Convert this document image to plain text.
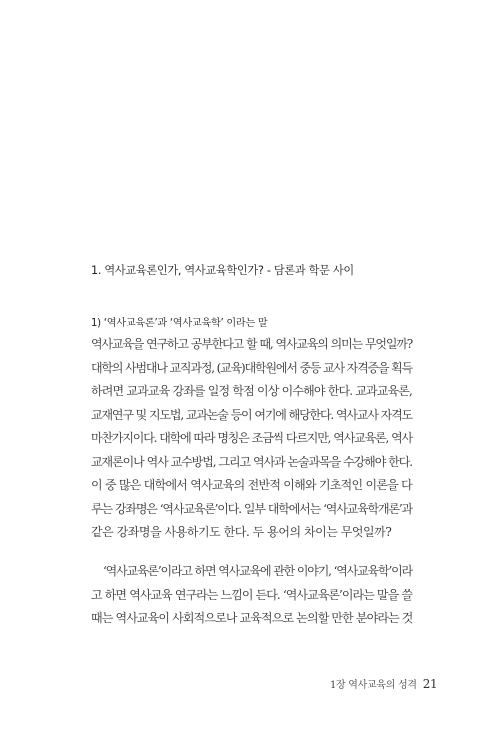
1. 역사교육론인가, 역사교육학인가? - 담론과 학문 사이
1) ‘역사교육론’과 ‘역사교육학’ 이라는 말
역사교육을 연구하고 공부한다고 할 때, 역사교육의 의미는 무엇일까?
대학의 사범대나 교직과정, (교육)대학원에서 중등 교사 자격증을 획득
하려면 교과교육 강좌를 일정 학점 이상 이수해야 한다. 교과교육론,
교재연구 및 지도법, 교과논술 등이 여기에 해당한다. 역사교사 자격도
마찬가지이다. 대학에 따라 명칭은 조금씩 다르지만, 역사교육론, 역사
교재론이나 역사 교수방법, 그리고 역사과 논술과목을 수강해야 한다.
이 중 많은 대학에서 역사교육의 전반적 이해와 기초적인 이론을 다
루는 강좌명은 ‘역사교육론’이다. 일부 대학에서는 ‘역사교육학개론’과
같은 강좌명을 사용하기도 한다. 두 용어의 차이는 무엇일까?
‘역사교육론’이라고 하면 역사교육에 관한 이야기, ‘역사교육학’이라
고 하면 역사교육 연구라는 느낌이 든다. ‘역사교육론’이라는 말을 쓸
때는 역사교육이 사회적으로나 교육적으로 논의할 만한 분야라는 것
1장 역사교육의 성격 21
